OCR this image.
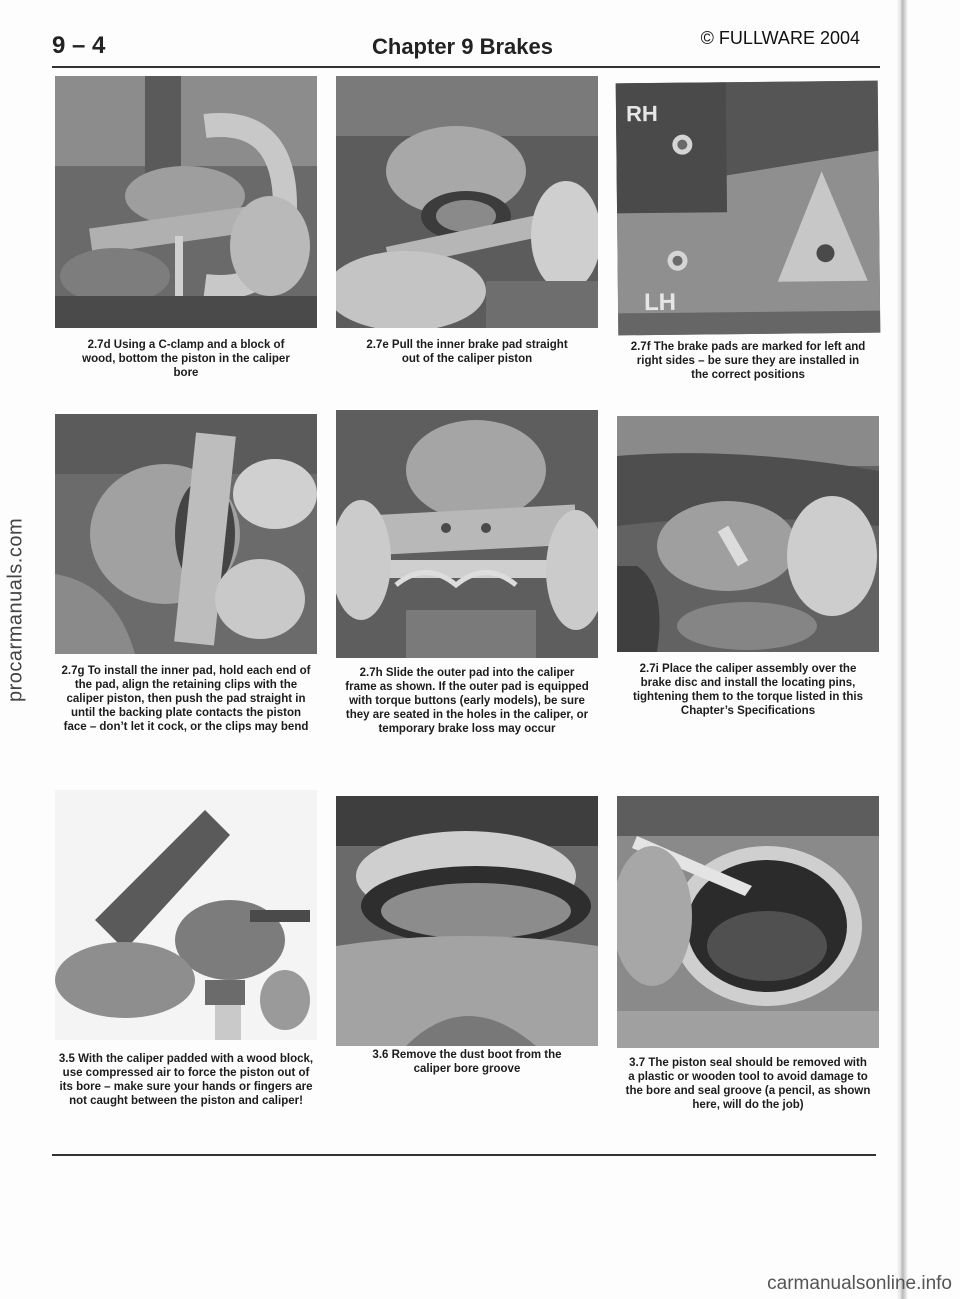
9 – 4	Chapter 9 Brakes	© FULLWARE 2004
2.7d Using a C-clamp and a block of wood, bottom the piston in the caliper bore
2.7e Pull the inner brake pad straight out of the caliper piston
RH
LH
2.7f The brake pads are marked for left and right sides – be sure they are installed in the correct positions
2.7g To install the inner pad, hold each end of the pad, align the retaining clips with the caliper piston, then push the pad straight in until the backing plate contacts the piston face – don’t let it cock, or the clips may bend
2.7h Slide the outer pad into the caliper frame as shown. If the outer pad is equipped with torque buttons (early models), be sure they are seated in the holes in the caliper, or temporary brake loss may occur
2.7i Place the caliper assembly over the brake disc and install the locating pins, tightening them to the torque listed in this Chapter’s Specifications
3.5 With the caliper padded with a wood block, use compressed air to force the piston out of its bore – make sure your hands or fingers are not caught between the piston and caliper!
3.6 Remove the dust boot from the caliper bore groove	3.7 The piston seal should be removed with a plastic or wooden tool to avoid damage to the bore and seal groove (a pencil, as shown here, will do the job)
procarmanuals.com
carmanualsonline.info
